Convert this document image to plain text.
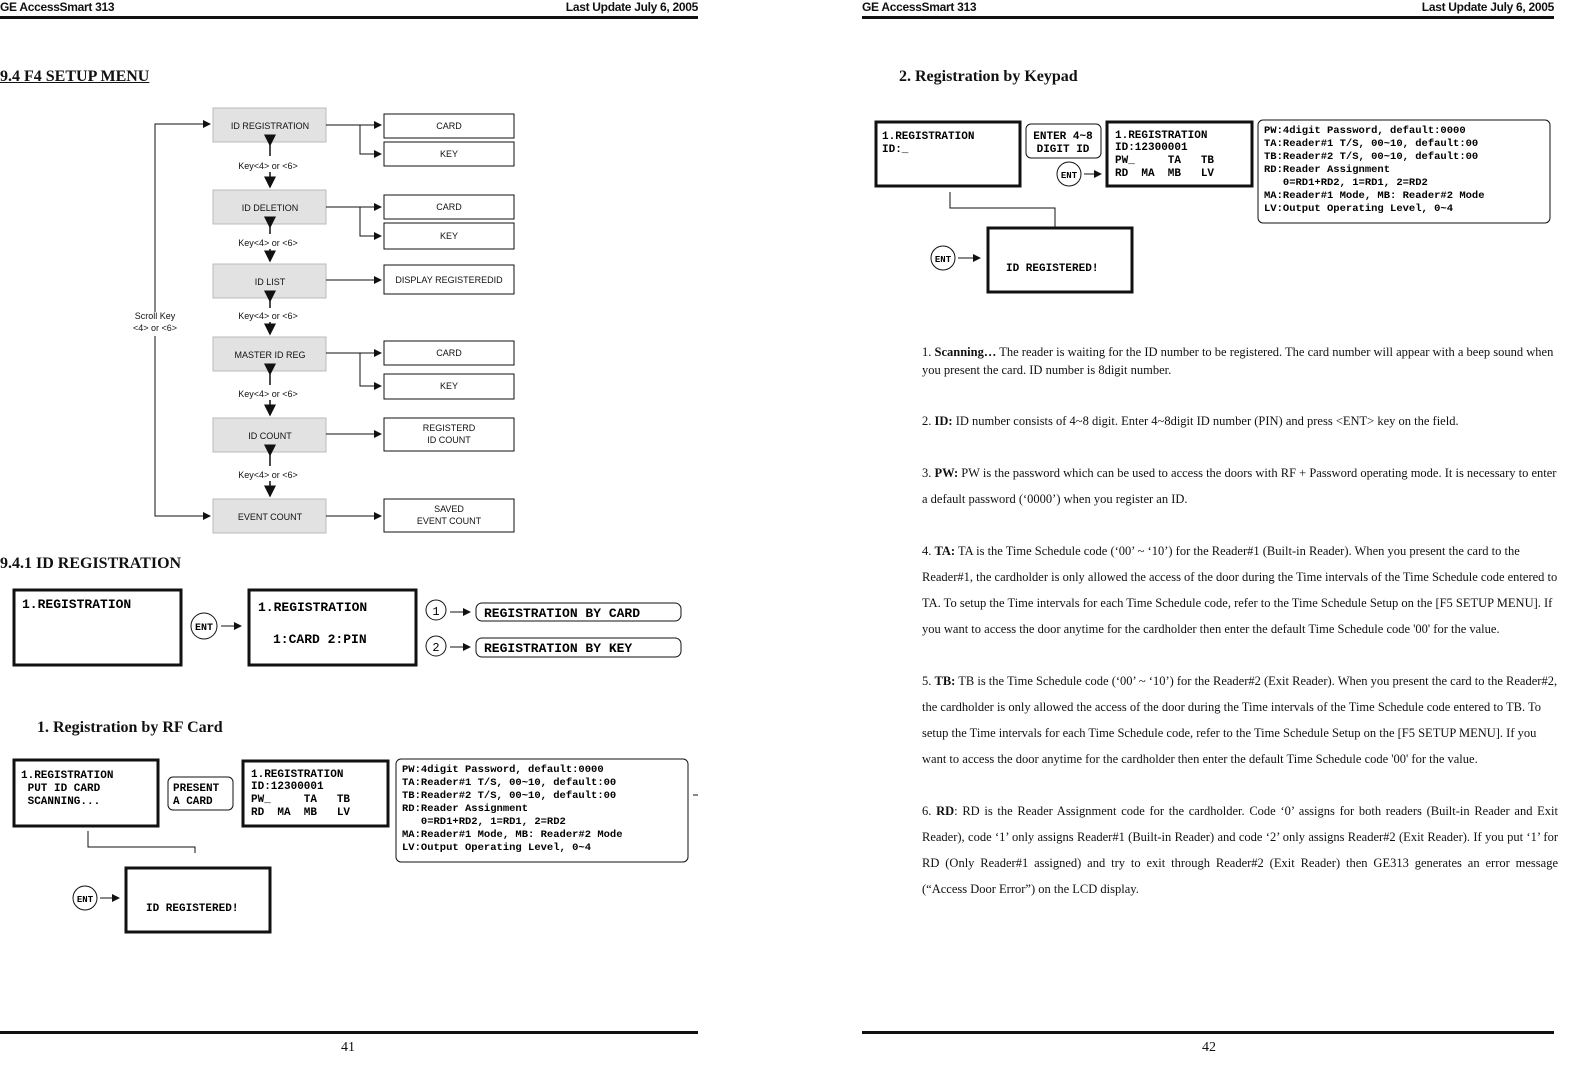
GE AccessSmart 313	Last Update July 6, 2005
9.4 F4 SETUP MENU
ID REGISTRATION
ID DELETION
ID LIST
MASTER ID REG
ID COUNT
EVENT COUNT
Key<4> or <6>
Key<4> or <6>
Key<4> or <6>
Key<4> or <6>
Key<4> or <6>
Scroll Key
<4> or <6>
CARD
KEY
CARD
KEY
DISPLAY REGISTEREDID
CARD
KEY
REGISTERD
ID COUNT
SAVED
EVENT COUNT
9.4.1 ID REGISTRATION
1.REGISTRATION
ENT
1.REGISTRATION
1:CARD 2:PIN
1
2
REGISTRATION BY CARD
REGISTRATION BY KEY
1. Registration by RF Card
1.REGISTRATION
PUT ID CARD
SCANNING...
PRESENT
A CARD
1.REGISTRATION
ID:12300001
PW_     TA   TB
RD  MA  MB   LV
PW:4digit Password, default:0000
TA:Reader#1 T/S, 00~10, default:00
TB:Reader#2 T/S, 00~10, default:00
RD:Reader Assignment
0=RD1+RD2, 1=RD1, 2=RD2
MA:Reader#1 Mode, MB: Reader#2 Mode
LV:Output Operating Level, 0~4
ENT
ID REGISTERED!
41
GE AccessSmart 313	Last Update July 6, 2005
2. Registration by Keypad
1.REGISTRATION
ID:_
ENTER 4~8
DIGIT ID
ENT
1.REGISTRATION
ID:12300001
PW_     TA   TB
RD  MA  MB   LV
PW:4digit Password, default:0000
TA:Reader#1 T/S, 00~10, default:00
TB:Reader#2 T/S, 00~10, default:00
RD:Reader Assignment
0=RD1+RD2, 1=RD1, 2=RD2
MA:Reader#1 Mode, MB: Reader#2 Mode
LV:Output Operating Level, 0~4
ENT
ID REGISTERED!

1. Scanning… The reader is waiting for the ID number to be registered. The card number will appear with a beep sound when you present the card. ID number is 8digit number.

2. ID: ID number consists of 4~8 digit. Enter 4~8digit ID number (PIN) and press <ENT> key on the field.

3. PW: PW is the password which can be used to access the doors with RF + Password operating mode. It is necessary to enter a default password (‘0000’) when you register an ID.

4. TA: TA is the Time Schedule code (‘00’ ~ ‘10’) for the Reader#1 (Built-in Reader). When you present the card to the Reader#1, the cardholder is only allowed the access of the door during the Time intervals of the Time Schedule code entered to TA. To setup the Time intervals for each Time Schedule code, refer to the Time Schedule Setup on the [F5 SETUP MENU]. If you want to access the door anytime for the cardholder then enter the default Time Schedule code '00' for the value.

5. TB: TB is the Time Schedule code (‘00’ ~ ‘10’) for the Reader#2 (Exit Reader). When you present the card to the Reader#2, the cardholder is only allowed the access of the door during the Time intervals of the Time Schedule code entered to TB. To setup the Time intervals for each Time Schedule code, refer to the Time Schedule Setup on the [F5 SETUP MENU]. If you want to access the door anytime for the cardholder then enter the default Time Schedule code '00' for the value.

6. RD: RD is the Reader Assignment code for the cardholder. Code ‘0’ assigns for both readers (Built-in Reader and Exit Reader), code ‘1’ only assigns Reader#1 (Built-in Reader) and code ‘2’ only assigns Reader#2 (Exit Reader). If you put ‘1’ for RD (Only Reader#1 assigned) and try to exit through Reader#2 (Exit Reader) then GE313 generates an error message (“Access Door Error”) on the LCD display.

42
